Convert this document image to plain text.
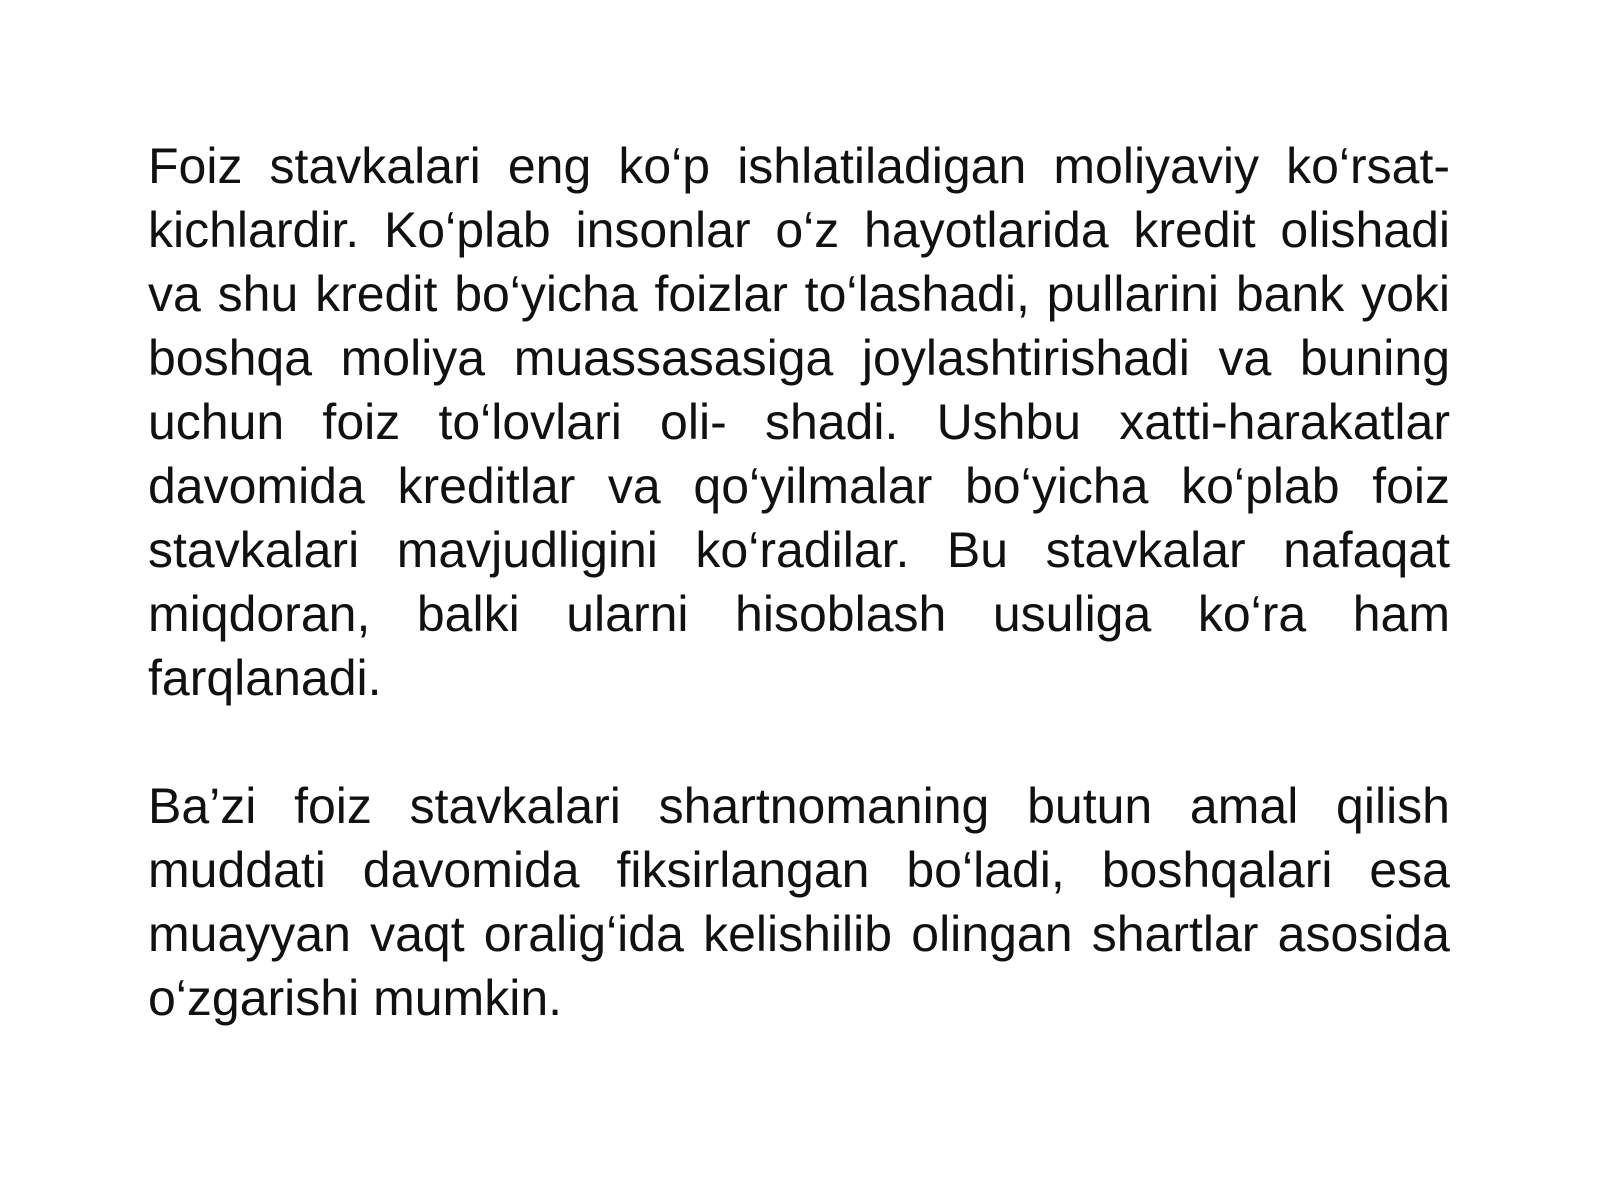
Foiz stavkalari eng ko‘p ishlatiladigan moliyaviy ko‘rsat- kichlardir. Ko‘plab insonlar o‘z hayotlarida kredit olishadi va shu kredit bo‘yicha foizlar to‘lashadi, pullarini bank yoki boshqa moliya muassasasiga joylashtirishadi va buning uchun foiz to‘lovlari oli- shadi. Ushbu xatti-harakatlar davomida kreditlar va qo‘yilmalar bo‘yicha ko‘plab foiz stavkalari mavjudligini ko‘radilar. Bu stavkalar nafaqat miqdoran, balki ularni hisoblash usuliga ko‘ra ham farqlanadi.

Ba’zi foiz stavkalari shartnomaning butun amal qilish muddati davomida fiksirlangan bo‘ladi, boshqalari esa muayyan vaqt oralig‘ida kelishilib olingan shartlar asosida o‘zgarishi mumkin.
